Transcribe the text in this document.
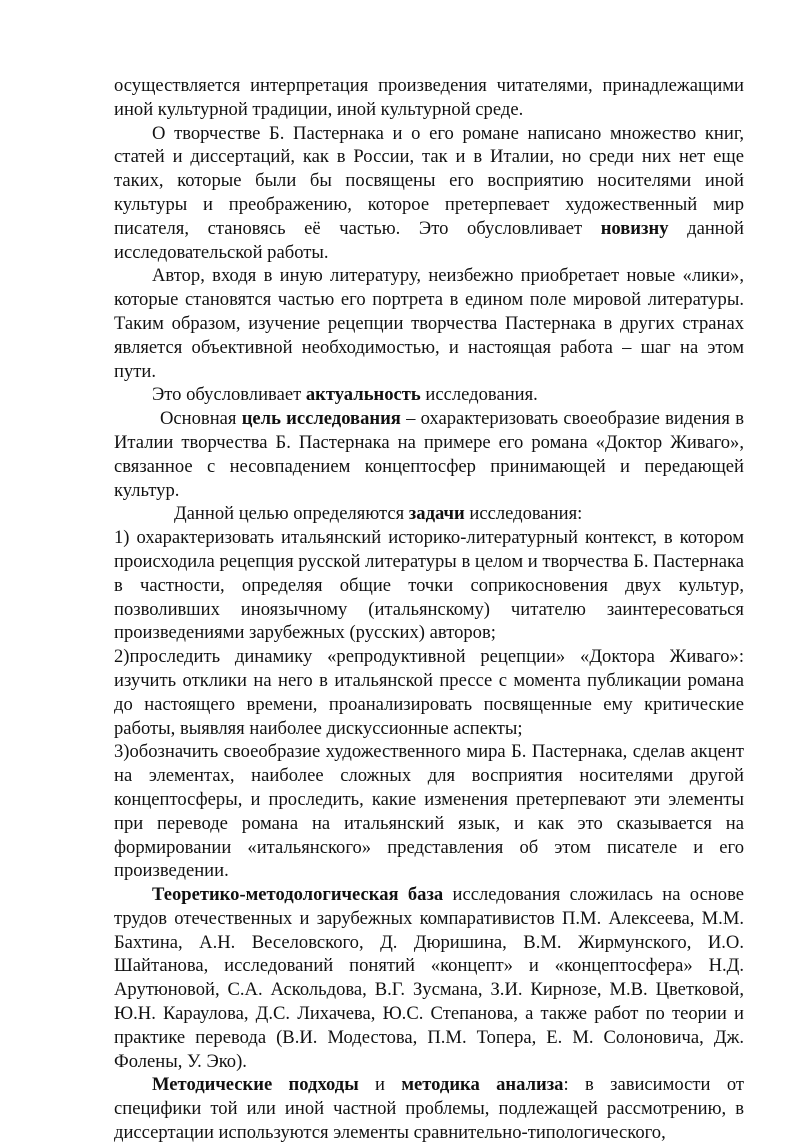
осуществляется интерпретация произведения читателями, принадлежащими иной культурной традиции, иной культурной среде.

О творчестве Б. Пастернака и о его романе написано множество книг, статей и диссертаций, как в России, так и в Италии, но среди них нет еще таких, которые были бы посвящены его восприятию носителями иной культуры и преображению, которое претерпевает художественный мир писателя, становясь её частью. Это обусловливает новизну данной исследовательской работы.

Автор, входя в иную литературу, неизбежно приобретает новые «лики», которые становятся частью его портрета в едином поле мировой литературы. Таким образом, изучение рецепции творчества Пастернака в других странах является объективной необходимостью, и настоящая работа – шаг на этом пути.

Это обусловливает актуальность исследования.

Основная цель исследования – охарактеризовать своеобразие видения в Италии творчества Б. Пастернака на примере его романа «Доктор Живаго», связанное с несовпадением концептосфер принимающей и передающей культур.

Данной целью определяются задачи исследования:

1) охарактеризовать итальянский историко-литературный контекст, в котором происходила рецепция русской литературы в целом и творчества Б. Пастернака в частности, определяя общие точки соприкосновения двух культур, позволивших иноязычному (итальянскому) читателю заинтересоваться произведениями зарубежных (русских) авторов;

2)проследить динамику «репродуктивной рецепции» «Доктора Живаго»: изучить отклики на него в итальянской прессе с момента публикации романа до настоящего времени, проанализировать посвященные ему критические работы, выявляя наиболее дискуссионные аспекты;

3)обозначить своеобразие художественного мира Б. Пастернака, сделав акцент на элементах, наиболее сложных для восприятия носителями другой концептосферы, и проследить, какие изменения претерпевают эти элементы при переводе романа на итальянский язык, и как это сказывается на формировании «итальянского» представления об этом писателе и его произведении.

Теоретико-методологическая база исследования сложилась на основе трудов отечественных и зарубежных компаративистов П.М. Алексеева, М.М. Бахтина, А.Н. Веселовского, Д. Дюришина, В.М. Жирмунского, И.О. Шайтанова, исследований понятий «концепт» и «концептосфера» Н.Д. Арутюновой, С.А. Аскольдова, В.Г. Зусмана, З.И. Кирнозе, М.В. Цветковой, Ю.Н. Караулова, Д.С. Лихачева, Ю.С. Степанова, а также работ по теории и практике перевода (В.И. Модестова, П.М. Топера, Е. М. Солоновича, Дж. Фолены, У. Эко).

Методические подходы и методика анализа: в зависимости от специфики той или иной частной проблемы, подлежащей рассмотрению, в диссертации используются элементы сравнительно-типологического,
